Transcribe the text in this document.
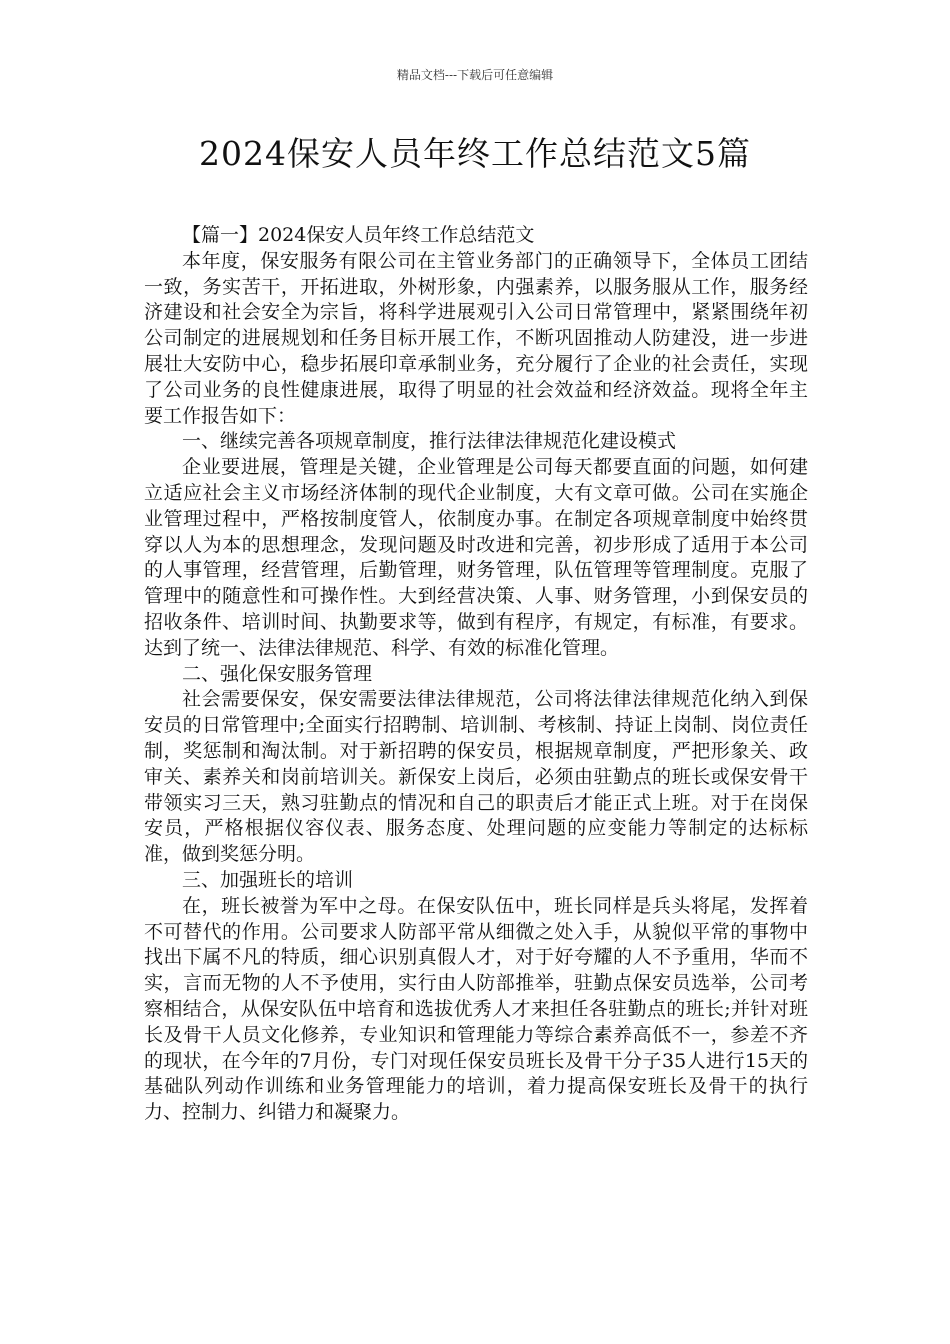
精品文档---下载后可任意编辑
2024保安人员年终工作总结范文5篇
【篇一】2024保安人员年终工作总结范文

本年度，保安服务有限公司在主管业务部门的正确领导下，全体员工团结一致，务实苦干，开拓进取，外树形象，内强素养，以服务服从工作，服务经济建设和社会安全为宗旨，将科学进展观引入公司日常管理中，紧紧围绕年初公司制定的进展规划和任务目标开展工作，不断巩固推动人防建没，进一步进展壮大安防中心，稳步拓展印章承制业务，充分履行了企业的社会责任，实现了公司业务的良性健康进展，取得了明显的社会效益和经济效益。现将全年主要工作报告如下：

一、继续完善各项规章制度，推行法律法律规范化建设模式

企业要进展，管理是关键，企业管理是公司每天都要直面的问题，如何建立适应社会主义市场经济体制的现代企业制度，大有文章可做。公司在实施企业管理过程中，严格按制度管人，依制度办事。在制定各项规章制度中始终贯穿以人为本的思想理念，发现问题及时改进和完善，初步形成了适用于本公司的人事管理，经营管理，后勤管理，财务管理，队伍管理等管理制度。克服了管理中的随意性和可操作性。大到经营决策、人事、财务管理，小到保安员的招收条件、培训时间、执勤要求等，做到有程序，有规定，有标准，有要求。达到了统一、法律法律规范、科学、有效的标准化管理。

二、强化保安服务管理

社会需要保安，保安需要法律法律规范，公司将法律法律规范化纳入到保安员的日常管理中;全面实行招聘制、培训制、考核制、持证上岗制、岗位责任制，奖惩制和淘汰制。对于新招聘的保安员，根据规章制度，严把形象关、政审关、素养关和岗前培训关。新保安上岗后，必须由驻勤点的班长或保安骨干带领实习三天，熟习驻勤点的情况和自己的职责后才能正式上班。对于在岗保安员，严格根据仪容仪表、服务态度、处理问题的应变能力等制定的达标标准，做到奖惩分明。

三、加强班长的培训

在，班长被誉为军中之母。在保安队伍中，班长同样是兵头将尾，发挥着不可替代的作用。公司要求人防部平常从细微之处入手，从貌似平常的事物中找出下属不凡的特质，细心识别真假人才，对于好夸耀的人不予重用，华而不实，言而无物的人不予使用，实行由人防部推举，驻勤点保安员选举，公司考察相结合，从保安队伍中培育和选拔优秀人才来担任各驻勤点的班长;并针对班长及骨干人员文化修养，专业知识和管理能力等综合素养高低不一，参差不齐的现状，在今年的7月份，专门对现任保安员班长及骨干分子35人进行15天的基础队列动作训练和业务管理能力的培训，着力提高保安班长及骨干的执行力、控制力、纠错力和凝聚力。
